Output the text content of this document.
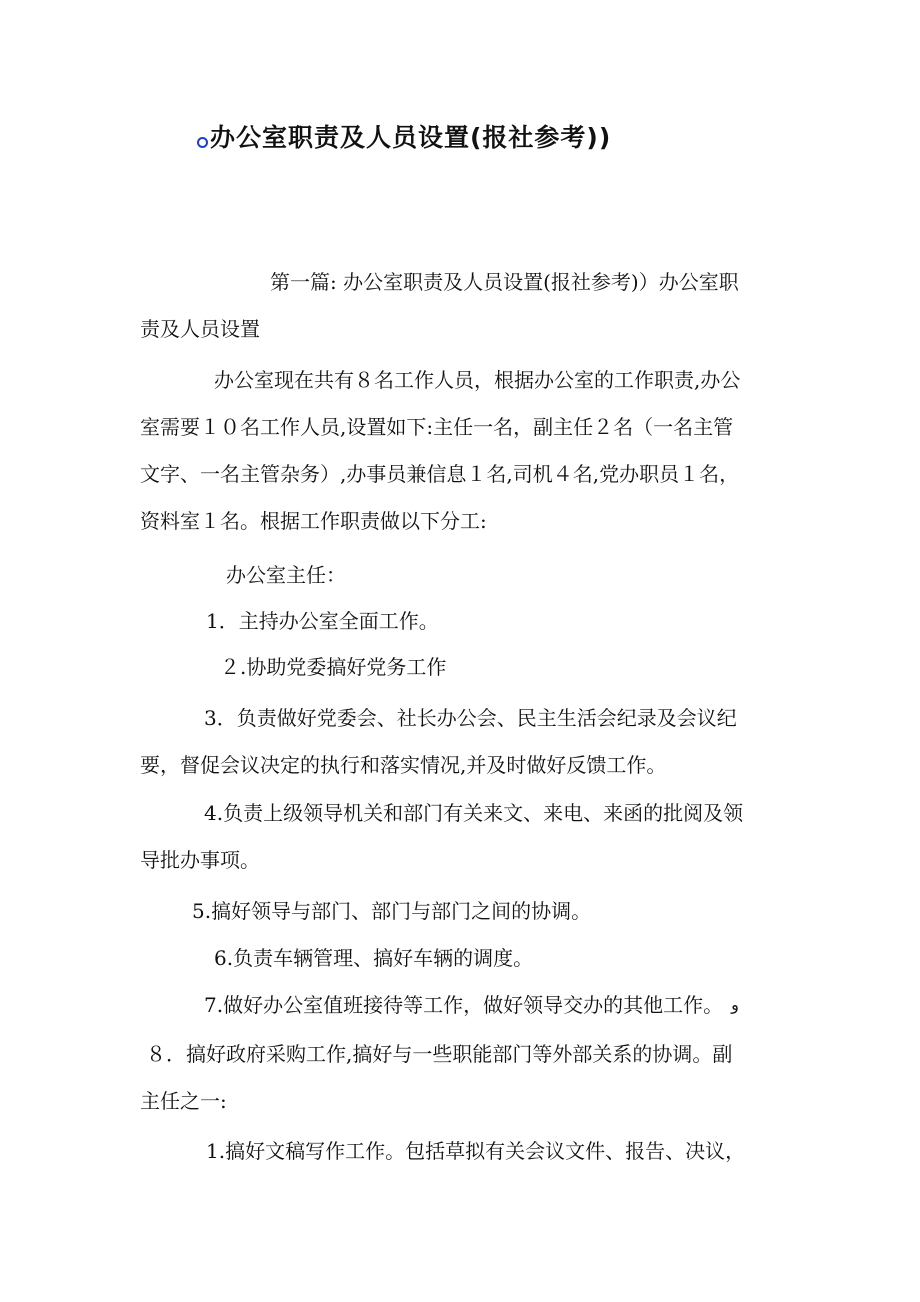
办公室职责及人员设置(报社参考))
第一篇: 办公室职责及人员设置(报社参考)）办公室职
责及人员设置
办公室现在共有８名工作人员，根据办公室的工作职责,办公
室需要１０名工作人员,设置如下:主任一名，副主任２名（一名主管
文字、一名主管杂务）,办事员兼信息１名,司机４名,党办职员１名，
资料室１名。根据工作职责做以下分工:
办公室主任：
1．主持办公室全面工作。
２.协助党委搞好党务工作
3．负责做好党委会、社长办公会、民主生活会纪录及会议纪
要，督促会议决定的执行和落实情况,并及时做好反馈工作。
4.负责上级领导机关和部门有关来文、来电、来函的批阅及领
导批办事项。
5.搞好领导与部门、部门与部门之间的协调。
6.负责车辆管理、搞好车辆的调度。
7.做好办公室值班接待等工作，做好领导交办的其他工作。 و
８．搞好政府采购工作,搞好与一些职能部门等外部关系的协调。副
主任之一:
1.搞好文稿写作工作。包括草拟有关会议文件、报告、决议，
